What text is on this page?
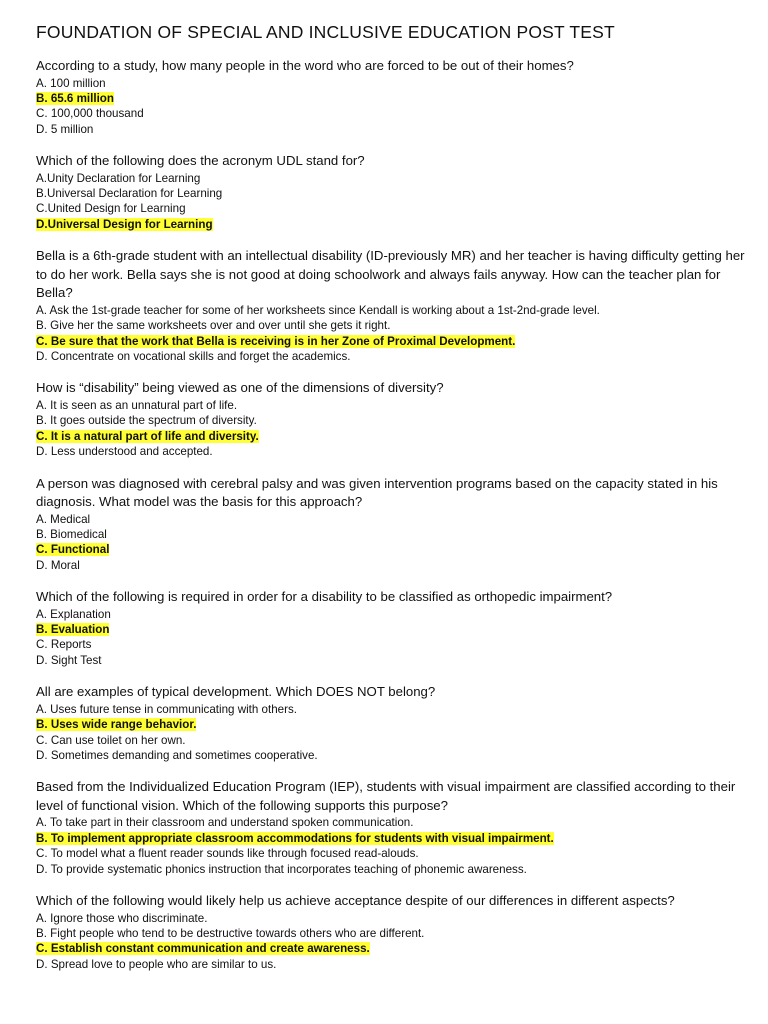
FOUNDATION OF SPECIAL AND INCLUSIVE EDUCATION POST TEST

According to a study, how many people in the word who are forced to be out of their homes?

A. 100 million
B. 65.6 million
C. 100,000 thousand
D. 5 million

Which of the following does the acronym UDL stand for?

A.Unity Declaration for Learning
B.Universal Declaration for Learning
C.United Design for Learning
D.Universal Design for Learning

Bella is a 6th-grade student with an intellectual disability (ID-previously MR) and her teacher is having difficulty getting her to do her work. Bella says she is not good at doing schoolwork and always fails anyway. How can the teacher plan for Bella?

A. Ask the 1st-grade teacher for some of her worksheets since Kendall is working about a 1st-2nd-grade level.
B. Give her the same worksheets over and over until she gets it right.
C. Be sure that the work that Bella is receiving is in her Zone of Proximal Development.
D. Concentrate on vocational skills and forget the academics.

How is “disability” being viewed as one of the dimensions of diversity?

A. It is seen as an unnatural part of life.
B. It goes outside the spectrum of diversity.
C. It is a natural part of life and diversity.
D. Less understood and accepted.

A person was diagnosed with cerebral palsy and was given intervention programs based on the capacity stated in his diagnosis. What model was the basis for this approach?

A. Medical
B. Biomedical
C. Functional
D. Moral

Which of the following is required in order for a disability to be classified as orthopedic impairment?

A. Explanation
B. Evaluation
C. Reports
D. Sight Test

All are examples of typical development. Which DOES NOT belong?

A. Uses future tense in communicating with others.
B. Uses wide range behavior.
C. Can use toilet on her own.
D. Sometimes demanding and sometimes cooperative.

Based from the Individualized Education Program (IEP), students with visual impairment are classified according to their level of functional vision. Which of the following supports this purpose?

A. To take part in their classroom and understand spoken communication.
B. To implement appropriate classroom accommodations for students with visual impairment.
C. To model what a fluent reader sounds like through focused read-alouds.
D. To provide systematic phonics instruction that incorporates teaching of phonemic awareness.

Which of the following would likely help us achieve acceptance despite of our differences in different aspects?

A. Ignore those who discriminate.
B. Fight people who tend to be destructive towards others who are different.
C. Establish constant communication and create awareness.
D. Spread love to people who are similar to us.
